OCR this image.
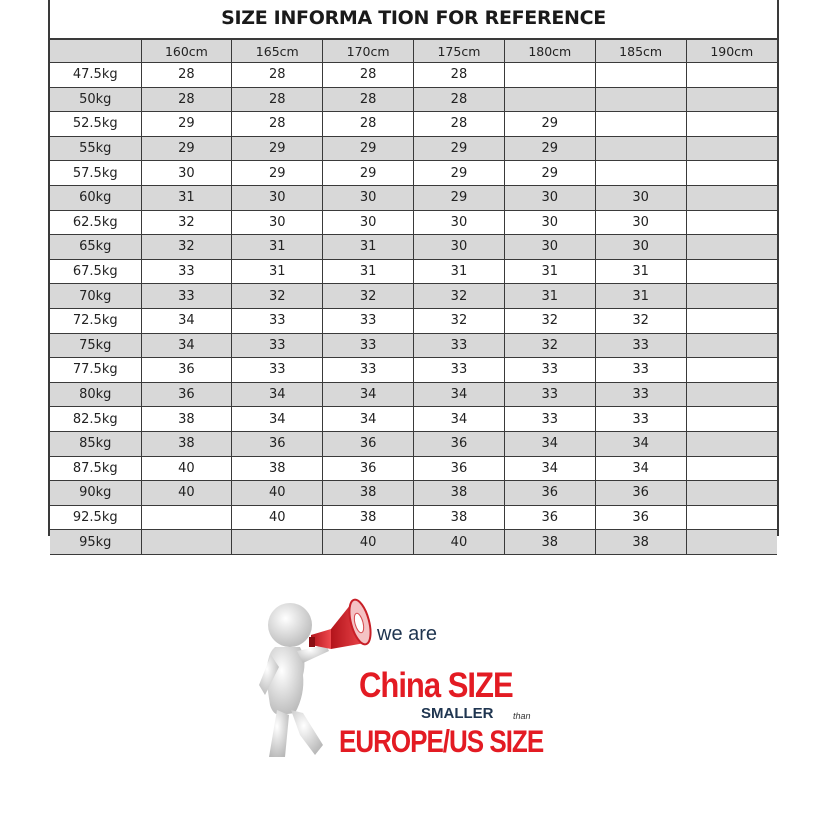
SIZE INFORMA TION FOR REFERENCE
	160cm	165cm	170cm	175cm	180cm	185cm	190cm
47.5kg	28	28	28	28			
50kg	28	28	28	28			
52.5kg	29	28	28	28	29		
55kg	29	29	29	29	29		
57.5kg	30	29	29	29	29		
60kg	31	30	30	29	30	30	
62.5kg	32	30	30	30	30	30	
65kg	32	31	31	30	30	30	
67.5kg	33	31	31	31	31	31	
70kg	33	32	32	32	31	31	
72.5kg	34	33	33	32	32	32	
75kg	34	33	33	33	32	33	
77.5kg	36	33	33	33	33	33	
80kg	36	34	34	34	33	33	
82.5kg	38	34	34	34	33	33	
85kg	38	36	36	36	34	34	
87.5kg	40	38	36	36	34	34	
90kg	40	40	38	38	36	36	
92.5kg		40	38	38	36	36	
95kg			40	40	38	38	
we are
China SIZE
SMALLER than
EUROPE/US SIZE
